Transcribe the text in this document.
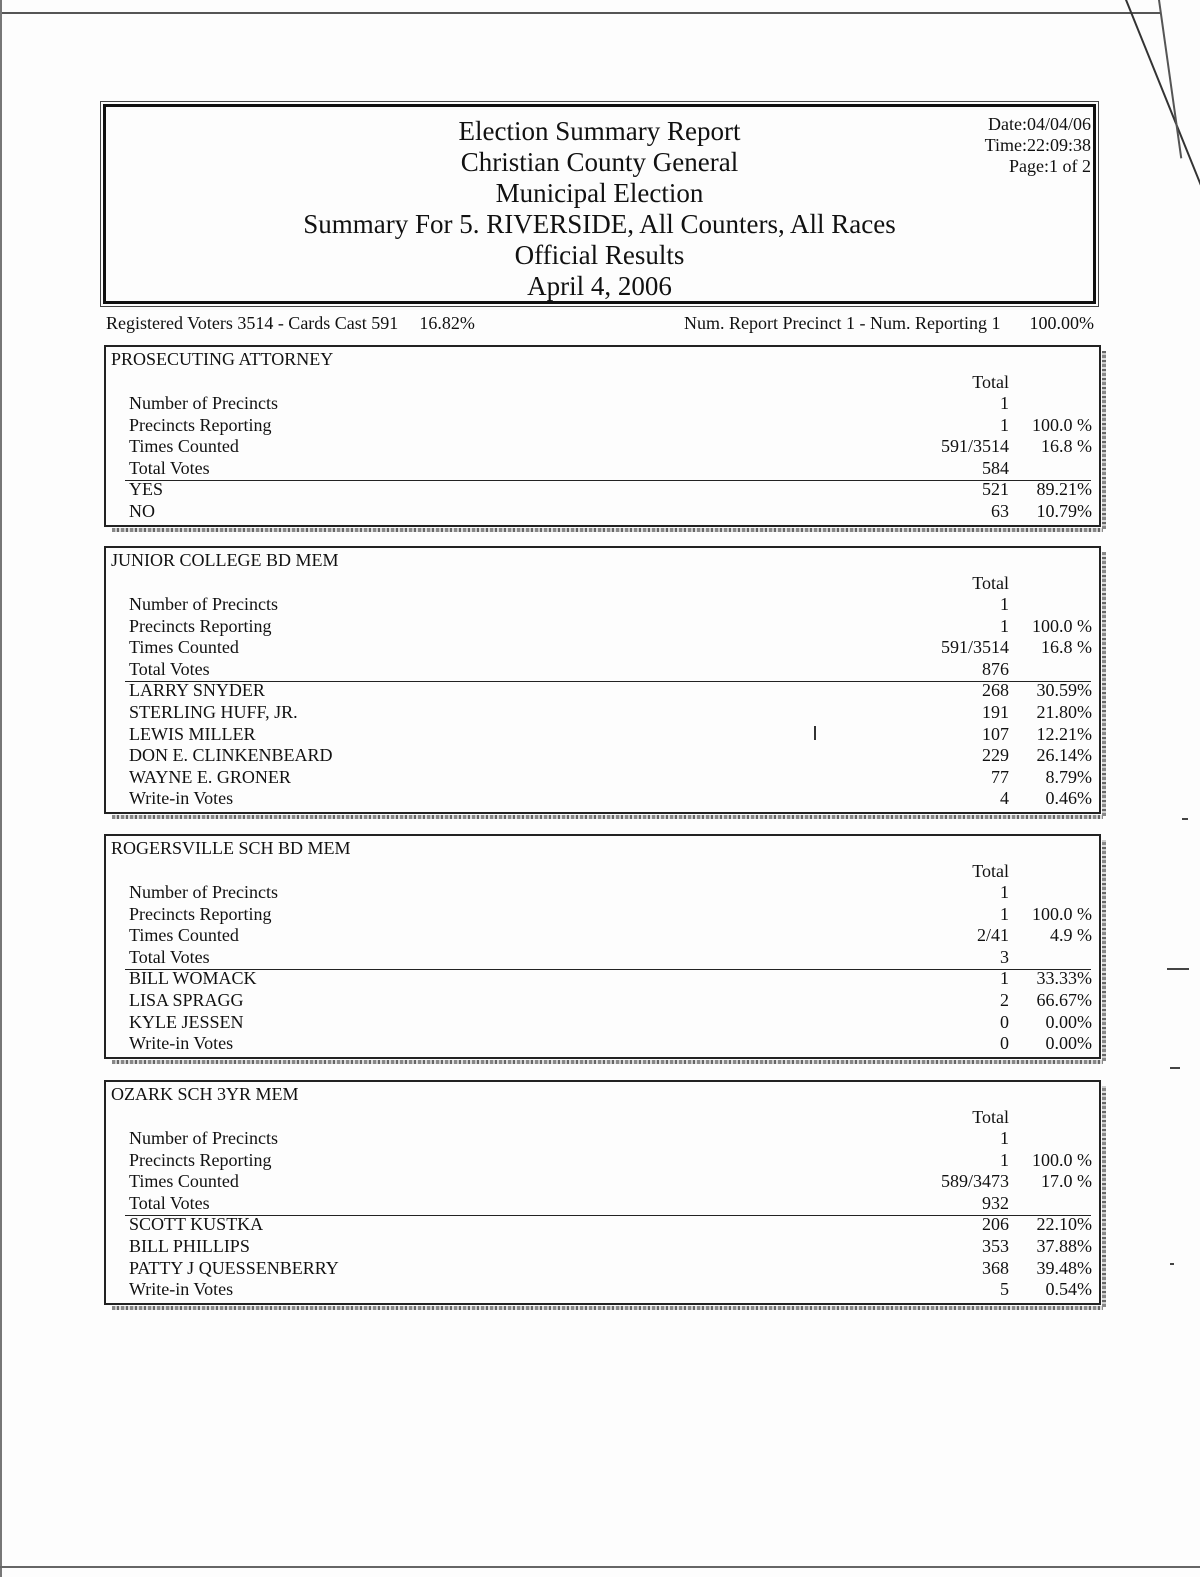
Election Summary Report
Christian County General
Municipal Election
Summary For 5. RIVERSIDE, All Counters, All Races
Official Results
April 4, 2006
Date:04/04/06
Time:22:09:38
Page:1 of 2
Registered Voters 3514 - Cards Cast 591 16.82%	Num. Report Precinct 1 - Num. Reporting 1 100.00%
PROSECUTING ATTORNEY
Total
Number of Precincts	1
Precincts Reporting	1 100.0 %
Times Counted	591/3514 16.8 %
Total Votes	584
YES	521 89.21%
NO	63 10.79%
JUNIOR COLLEGE BD MEM
Total
Number of Precincts	1
Precincts Reporting	1 100.0 %
Times Counted	591/3514 16.8 %
Total Votes	876
LARRY SNYDER	268 30.59%
STERLING HUFF, JR.	191 21.80%
LEWIS MILLER	107 12.21%
DON E. CLINKENBEARD	229 26.14%
WAYNE E. GRONER	77 8.79%
Write-in Votes	4 0.46%
ROGERSVILLE SCH BD MEM
Total
Number of Precincts	1
Precincts Reporting	1 100.0 %
Times Counted	2/41 4.9 %
Total Votes	3
BILL WOMACK	1 33.33%
LISA SPRAGG	2 66.67%
KYLE JESSEN	0 0.00%
Write-in Votes	0 0.00%
OZARK SCH 3YR MEM
Total
Number of Precincts	1
Precincts Reporting	1 100.0 %
Times Counted	589/3473 17.0 %
Total Votes	932
SCOTT KUSTKA	206 22.10%
BILL PHILLIPS	353 37.88%
PATTY J QUESSENBERRY	368 39.48%
Write-in Votes	5 0.54%
